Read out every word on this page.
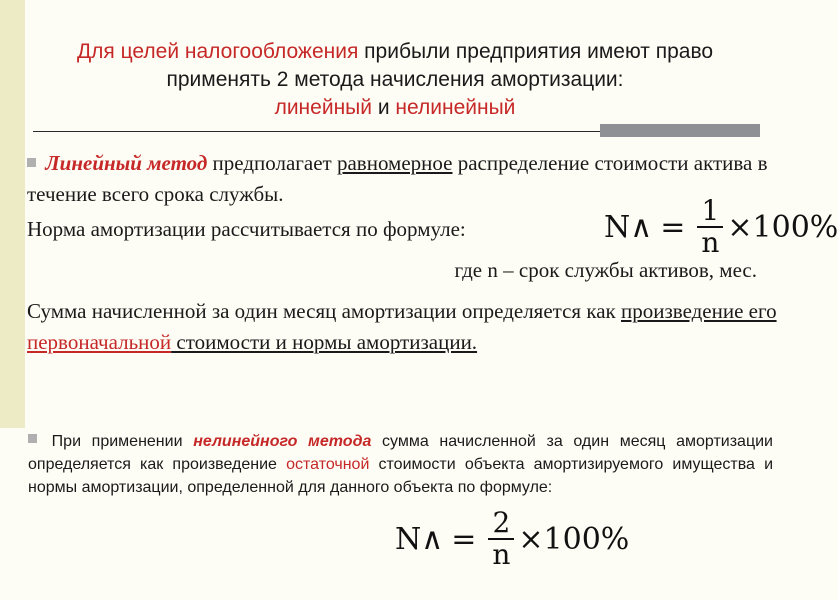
Для целей налогообложения прибыли предприятия имеют право
применять 2 метода начисления амортизации:
линейный и нелинейный

Линейный метод предполагает равномерное распределение стоимости актива в течение всего срока службы.

Норма амортизации рассчитывается по формуле:

где n – срок службы активов, мес.

Сумма начисленной за один месяц амортизации определяется как произведение его первоначальной стоимости и нормы амортизации.

N∧ = $\frac{1}{n} \times 100\%$
При применении нелинейного метода сумма начисленной за один месяц амортизации определяется как произведение остаточной стоимости объекта амортизируемого имущества и нормы амортизации, определенной для данного объекта по формуле:
N∧ = $\frac{2}{n} \times 100\%$
